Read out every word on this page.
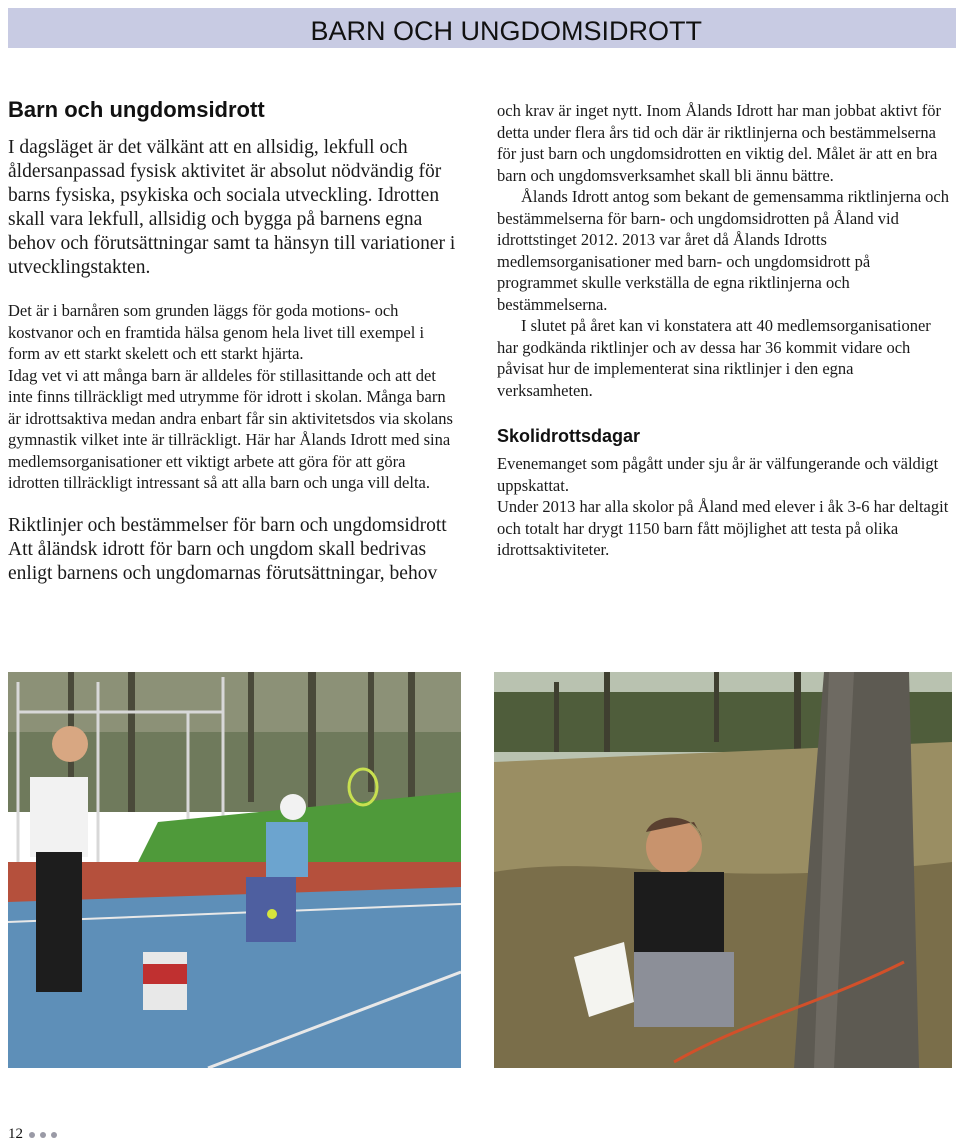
BARN OCH UNGDOMSIDROTT
Barn och ungdomsidrott

I dagsläget är det välkänt att en allsidig, lekfull och åldersanpassad fysisk aktivitet är absolut nödvändig för barns fysiska, psykiska och sociala utveckling. Idrotten skall vara lekfull, allsidig och bygga på barnens egna behov och förutsättningar samt ta hänsyn till variationer i utvecklingstakten.

Det är i barnåren som grunden läggs för goda motions- och kostvanor och en framtida hälsa genom hela livet till exempel i form av ett starkt skelett och ett starkt hjärta.

Idag vet vi att många barn är alldeles för stillasittande och att det inte finns tillräckligt med utrymme för idrott i skolan. Många barn är idrottsaktiva medan andra enbart får sin aktivitetsdos via skolans gymnastik vilket inte är tillräckligt. Här har Ålands Idrott med sina medlemsorganisationer ett viktigt arbete att göra för att göra idrotten tillräckligt intressant så att alla barn och unga vill delta.

Riktlinjer och bestämmelser för barn och ungdomsidrott

Att åländsk idrott för barn och ungdom skall bedrivas enligt barnens och ungdomarnas förutsättningar, behov

och krav är inget nytt. Inom Ålands Idrott har man jobbat aktivt för detta under flera års tid och där är riktlinjerna och bestämmelserna för just barn och ungdomsidrotten en viktig del. Målet är att en bra barn och ungdomsverksamhet skall bli ännu bättre.

Ålands Idrott antog som bekant de gemensamma riktlinjerna och bestämmelserna för barn- och ungdomsidrotten på Åland vid idrottstinget 2012. 2013 var året då Ålands Idrotts medlemsorganisationer med barn- och ungdomsidrott på programmet skulle verkställa de egna riktlinjerna och bestämmelserna.

I slutet på året kan vi konstatera att 40 medlemsorganisationer har godkända riktlinjer och av dessa har 36 kommit vidare och påvisat hur de implementerat sina riktlinjer i den egna verksamheten.

Skolidrottsdagar

Evenemanget som pågått under sju år är välfungerande och väldigt uppskattat.

Under 2013 har alla skolor på Åland med elever i åk 3-6 har deltagit och totalt har drygt 1150 barn fått möjlighet att testa på olika idrottsaktiviteter.

12
